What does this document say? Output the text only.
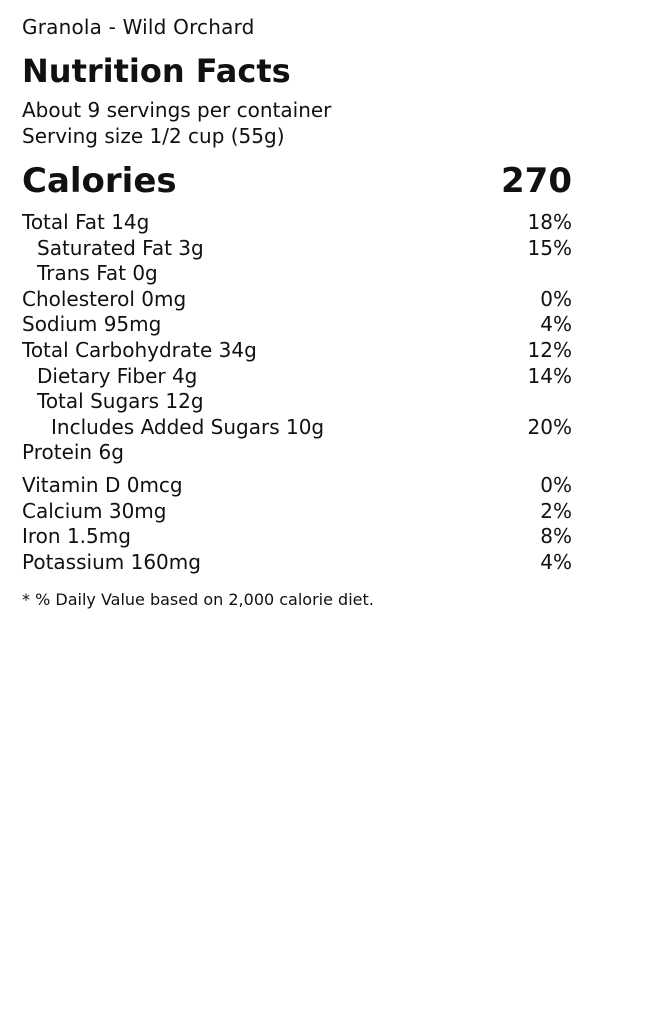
Granola - Wild Orchard
Nutrition Facts
About 9 servings per container
Serving size 1/2 cup (55g)
Calories	270
Total Fat 14g	18%
Saturated Fat 3g	15%
Trans Fat 0g
Cholesterol 0mg	0%
Sodium 95mg	4%
Total Carbohydrate 34g	12%
Dietary Fiber 4g	14%
Total Sugars 12g
Includes Added Sugars 10g	20%
Protein 6g
Vitamin D 0mcg	0%
Calcium 30mg	2%
Iron 1.5mg	8%
Potassium 160mg	4%
* % Daily Value based on 2,000 calorie diet.
